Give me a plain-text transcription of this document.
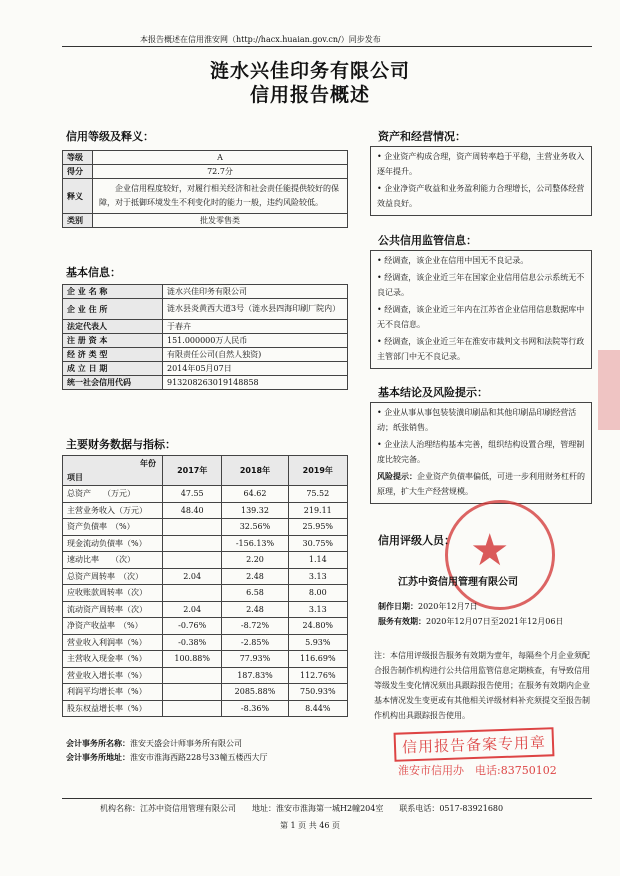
本报告概述在信用淮安网（http://hacx.huaian.gov.cn/）同步发布
涟水兴佳印务有限公司
信用报告概述
信用等级及释义：
等级	A
得分	72.7分
释义	企业信用程度较好，对履行相关经济和社会责任能提供较好的保障，对于抵御环境发生不利变化时的能力一般，违约风险较低。
类别	批发零售类
基本信息：
企 业 名 称	涟水兴佳印务有限公司
企 业 住 所	涟水县炎黄西大道3号（涟水县四海印刷厂院内）
法定代表人	于春卉
注 册 资 本	151.000000万人民币
经 济 类 型	有限责任公司(自然人独资)
成 立 日 期	2014年05月07日
统一社会信用代码	913208263019148858
主要财务数据与指标：
年份
项目	2017年	2018年	2019年
总资产　　（万元）	47.55	64.62	75.52
主营业务收入（万元）	48.40	139.32	219.11
资产负债率　（%）		32.56%	25.95%
现金流动负债率（%）		-156.13%	30.75%
速动比率　　（次）		2.20	1.14
总资产周转率　（次）	2.04	2.48	3.13
应收账款周转率（次）		6.58	8.00
流动资产周转率（次）	2.04	2.48	3.13
净资产收益率　（%）	-0.76%	-8.72%	24.80%
营业收入利润率（%）	-0.38%	-2.85%	5.93%
主营收入现金率（%）	100.88%	77.93%	116.69%
营业收入增长率（%）		187.83%	112.76%
利润平均增长率（%）		2085.88%	750.93%
股东权益增长率（%）		-8.36%	8.44%
会计事务所名称：淮安天盛会计师事务所有限公司
会计事务所地址：淮安市淮海西路228号33幢五楼西大厅
资产和经营情况：

• 企业资产构成合理，资产周转率趋于平稳，主营业务收入逐年提升。

• 企业净资产收益和业务盈利能力合理增长，公司整体经营效益良好。

公共信用监管信息：

• 经调查，该企业在信用中国无不良记录。

• 经调查，该企业近三年在国家企业信用信息公示系统无不良记录。

• 经调查，该企业近三年内在江苏省企业信用信息数据库中无不良信息。

• 经调查，该企业近三年在淮安市裁判文书网和法院等行政主管部门中无不良记录。

基本结论及风险提示：

• 企业从事从事包装装潢印刷品和其他印刷品印刷经营活动；纸张销售。

• 企业法人治理结构基本完善，组织结构设置合理，管理制度比较完备。

风险提示：企业资产负债率偏低，可进一步利用财务杠杆的原理，扩大生产经营规模。

★
信用评级人员：
江苏中资信用管理有限公司
制作日期：2020年12月7日
服务有效期：2020年12月07日至2021年12月06日
注：本信用评级报告服务有效期为壹年，每隔叁个月企业须配合报告制作机构进行公共信用监管信息定期核查，有导致信用等级发生变化情况须出具跟踪报告使用；在服务有效期内企业基本情况发生变更或有其他相关评级材料补充须提交至报告制作机构出具跟踪报告使用。
信用报告备案专用章
淮安市信用办　电话:83750102
机构名称：江苏中资信用管理有限公司　　地址：淮安市淮海第一城H2幢204室　　联系电话：0517-83921680
第 1 页 共 46 页
